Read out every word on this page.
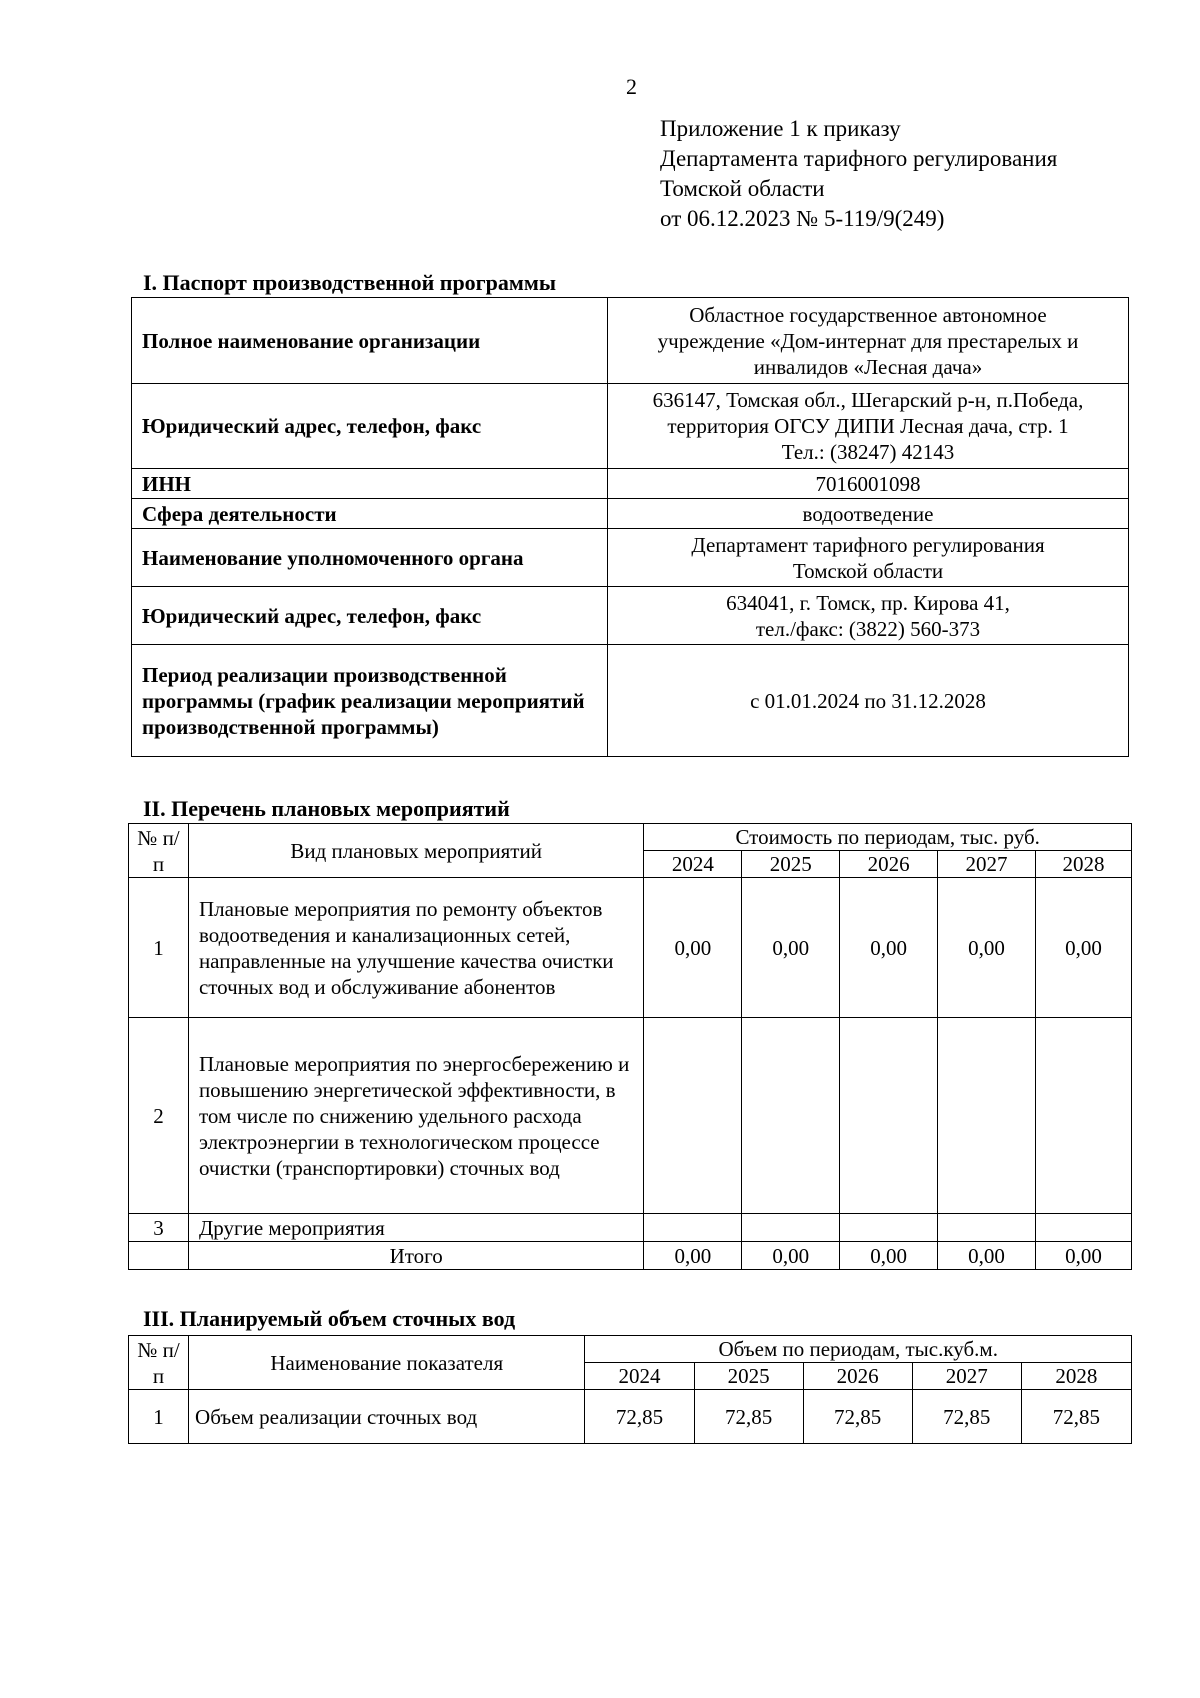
2
Приложение 1 к приказу
Департамента тарифного регулирования
Томской области
от 06.12.2023 № 5-119/9(249)
I. Паспорт производственной программы
Полное наименование организации	Областное государственное автономное
учреждение «Дом-интернат для престарелых и
инвалидов «Лесная дача»

Юридический адрес, телефон, факс	636147, Томская обл., Шегарский р-н, п.Победа,
территория ОГСУ ДИПИ Лесная дача, стр. 1
Тел.: (38247) 42143

ИНН	7016001098

Сфера деятельности	водоотведение

Наименование уполномоченного органа	Департамент тарифного регулирования
Томской области

Юридический адрес, телефон, факс	634041, г. Томск, пр. Кирова 41,
тел./факс: (3822) 560-373

Период реализации производственной программы (график реализации мероприятий производственной программы)	с 01.01.2024 по 31.12.2028
II. Перечень плановых мероприятий
№ п/п	Вид плановых мероприятий	Стоимость по периодам, тыс. руб.				
		2024	2025	2026	2027	2028
1	Плановые мероприятия по ремонту объектов водоотведения и канализационных сетей, направленные на улучшение качества очистки сточных вод и обслуживание абонентов	0,00	0,00	0,00	0,00	0,00
2	Плановые мероприятия по энергосбережению и повышению энергетической эффективности, в том числе по снижению удельного расхода электроэнергии в технологическом процессе очистки (транспортировки) сточных вод					
3	Другие мероприятия					
	Итого	0,00	0,00	0,00	0,00	0,00
III. Планируемый объем сточных вод
№ п/п	Наименование показателя	Объем по периодам, тыс.куб.м.				
		2024	2025	2026	2027	2028
1	Объем реализации сточных вод	72,85	72,85	72,85	72,85	72,85
